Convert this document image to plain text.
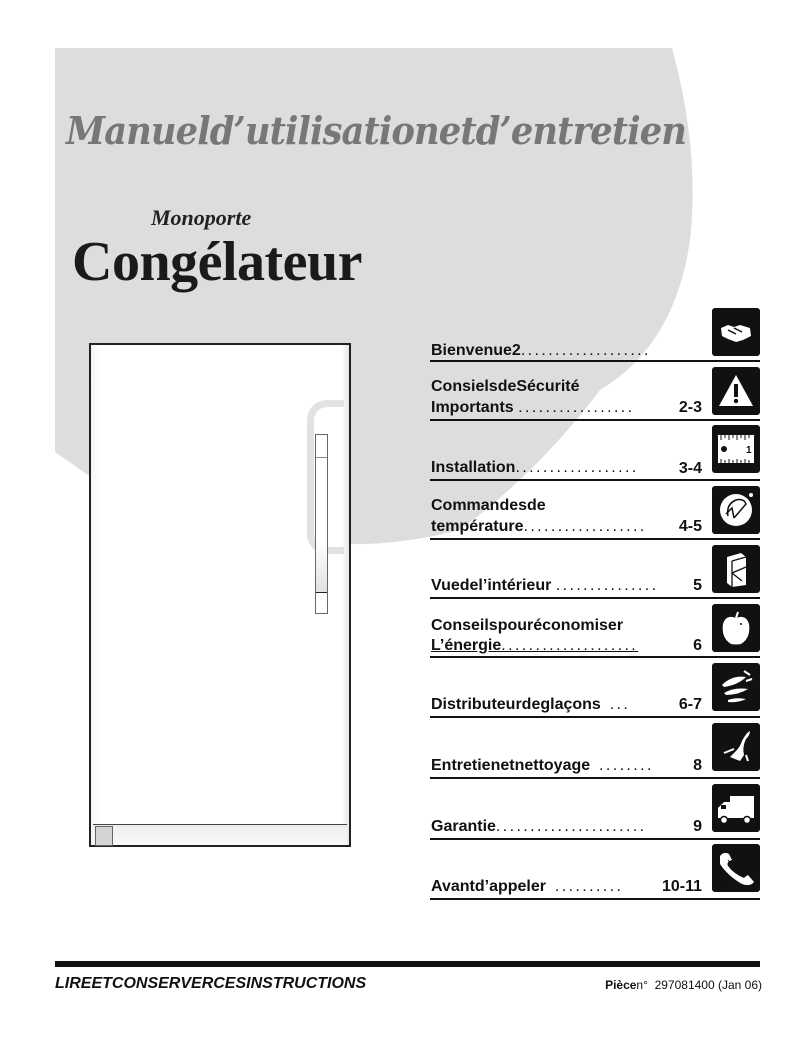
Manueld’utilisationetd’entretien
Monoporte
Congélateur
Bienvenue2...................
ConsielsdeSécurité
Importants .................	2-3
Installation..................	3-4
1
Commandesde
température.................. 4-5
Vuedel’intérieur ............... 5
Conseilspouréconomiser
L’énergie....................	6
Distributeurdeglaçons ...	6-7
Entretienetnettoyage ........ 8
Garantie......................	9
Avantd’appeler .......... 10-11
LIREETCONSERVERCESINSTRUCTIONS	Piècen° 297081400 (Jan 06)
